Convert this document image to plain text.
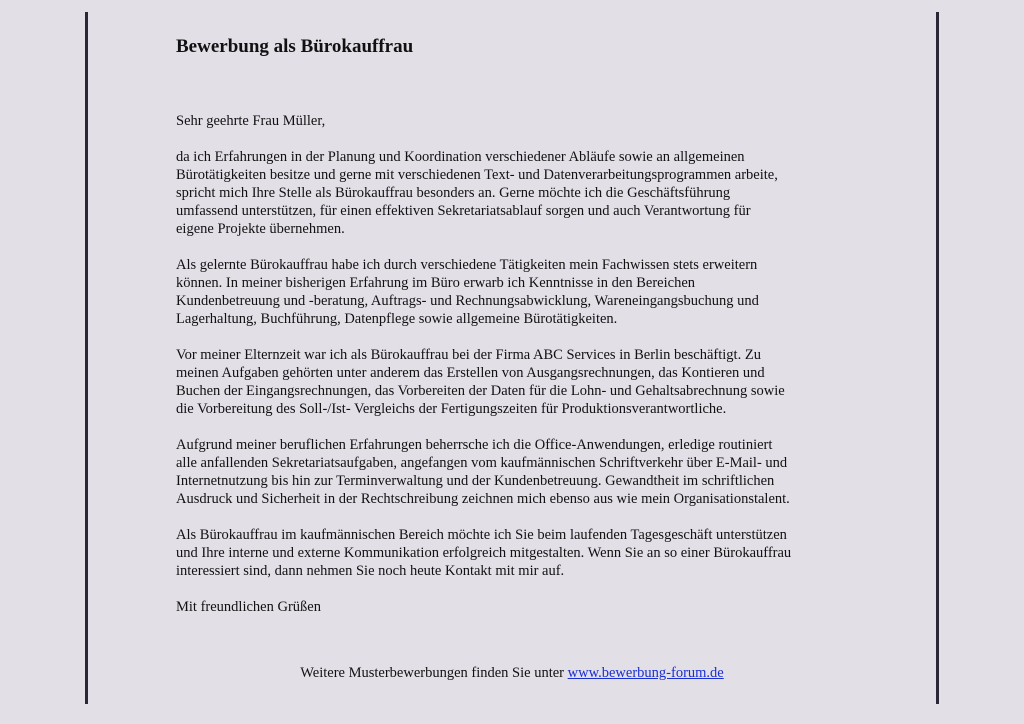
Bewerbung als Bürokauffrau

Sehr geehrte Frau Müller,

da ich Erfahrungen in der Planung und Koordination verschiedener Abläufe sowie an allgemeinen
Bürotätigkeiten besitze und gerne mit verschiedenen Text- und Datenverarbeitungsprogrammen arbeite,
spricht mich Ihre Stelle als Bürokauffrau besonders an. Gerne möchte ich die Geschäftsführung
umfassend unterstützen, für einen effektiven Sekretariatsablauf sorgen und auch Verantwortung für
eigene Projekte übernehmen.

Als gelernte Bürokauffrau habe ich durch verschiedene Tätigkeiten mein Fachwissen stets erweitern
können. In meiner bisherigen Erfahrung im Büro erwarb ich Kenntnisse in den Bereichen
Kundenbetreuung und -beratung, Auftrags- und Rechnungsabwicklung, Wareneingangsbuchung und
Lagerhaltung, Buchführung, Datenpflege sowie allgemeine Bürotätigkeiten.

Vor meiner Elternzeit war ich als Bürokauffrau bei der Firma ABC Services in Berlin beschäftigt. Zu
meinen Aufgaben gehörten unter anderem das Erstellen von Ausgangsrechnungen, das Kontieren und
Buchen der Eingangsrechnungen, das Vorbereiten der Daten für die Lohn- und Gehaltsabrechnung sowie
die Vorbereitung des Soll-/Ist- Vergleichs der Fertigungszeiten für Produktionsverantwortliche.

Aufgrund meiner beruflichen Erfahrungen beherrsche ich die Office-Anwendungen, erledige routiniert
alle anfallenden Sekretariatsaufgaben, angefangen vom kaufmännischen Schriftverkehr über E-Mail- und
Internetnutzung bis hin zur Terminverwaltung und der Kundenbetreuung. Gewandtheit im schriftlichen
Ausdruck und Sicherheit in der Rechtschreibung zeichnen mich ebenso aus wie mein Organisationstalent.

Als Bürokauffrau im kaufmännischen Bereich möchte ich Sie beim laufenden Tagesgeschäft unterstützen
und Ihre interne und externe Kommunikation erfolgreich mitgestalten. Wenn Sie an so einer Bürokauffrau
interessiert sind, dann nehmen Sie noch heute Kontakt mit mir auf.

Mit freundlichen Grüßen

Weitere Musterbewerbungen finden Sie unter www.bewerbung-forum.de
